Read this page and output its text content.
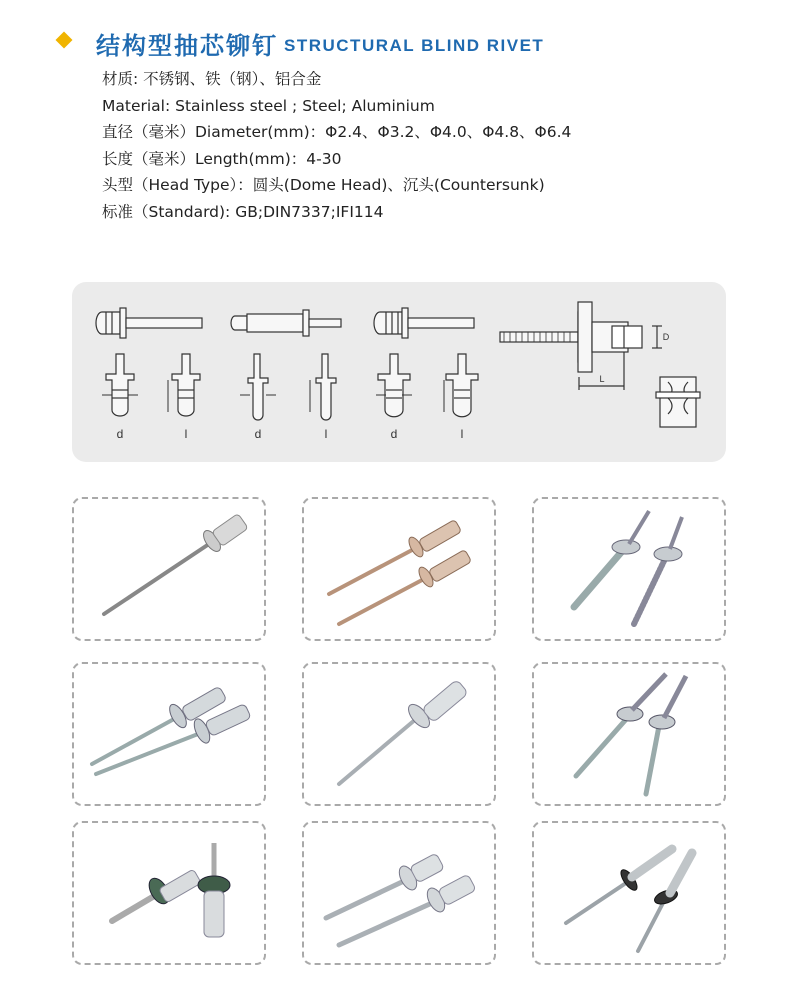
结构型抽芯铆钉 STRUCTURAL BLIND RIVET
材质: 不锈钢、铁（钢）、铝合金
Material: Stainless steel ; Steel; Aluminium
直径（毫米）Diameter(mm)：Φ2.4、Φ3.2、Φ4.0、Φ4.8、Φ6.4
长度（毫米）Length(mm)：4-30
头型（Head Type）：圆头(Dome Head)、沉头(Countersunk)
标准（Standard): GB;DIN7337;IFI114
d	l	d	l	d	l
D
L
